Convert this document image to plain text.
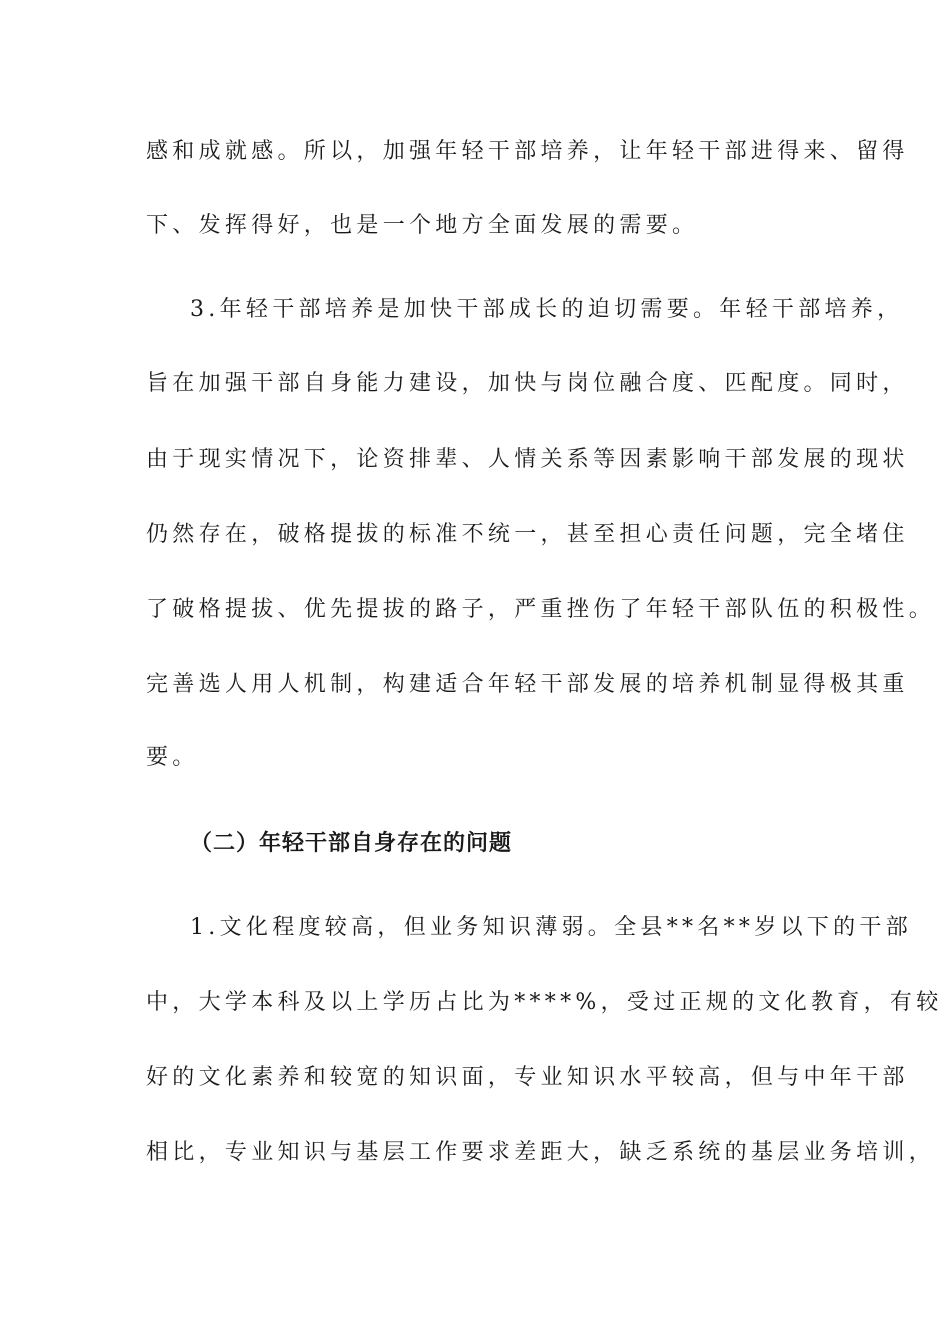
感和成就感。所以，加强年轻干部培养，让年轻干部进得来、留得
下、发挥得好，也是一个地方全面发展的需要。
3.年轻干部培养是加快干部成长的迫切需要。年轻干部培养，
旨在加强干部自身能力建设，加快与岗位融合度、匹配度。同时，
由于现实情况下，论资排辈、人情关系等因素影响干部发展的现状
仍然存在，破格提拔的标准不统一，甚至担心责任问题，完全堵住
了破格提拔、优先提拔的路子，严重挫伤了年轻干部队伍的积极性。
完善选人用人机制，构建适合年轻干部发展的培养机制显得极其重
要。
（二）年轻干部自身存在的问题
1.文化程度较高，但业务知识薄弱。全县**名**岁以下的干部
中，大学本科及以上学历占比为****%，受过正规的文化教育，有较
好的文化素养和较宽的知识面，专业知识水平较高，但与中年干部
相比，专业知识与基层工作要求差距大，缺乏系统的基层业务培训，
